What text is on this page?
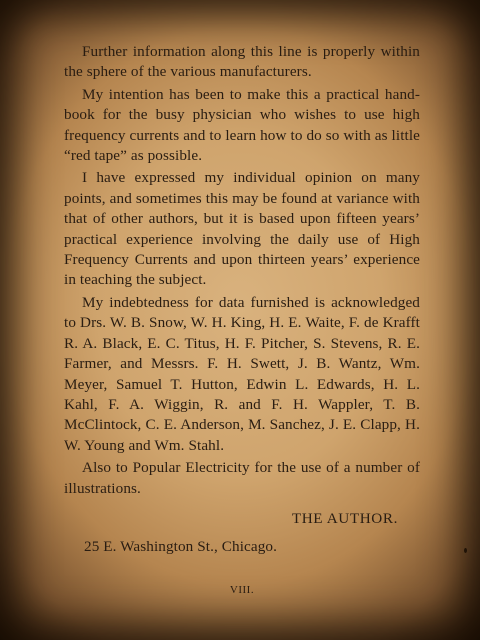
Further information along this line is properly within the sphere of the various manufacturers.

My intention has been to make this a practical hand-book for the busy physician who wishes to use high frequency currents and to learn how to do so with as little “red tape” as possible.

I have expressed my individual opinion on many points, and sometimes this may be found at variance with that of other authors, but it is based upon fifteen years’ practical experience involving the daily use of High Frequency Currents and upon thirteen years’ experience in teaching the subject.

My indebtedness for data furnished is acknowledged to Drs. W. B. Snow, W. H. King, H. E. Waite, F. de Krafft R. A. Black, E. C. Titus, H. F. Pitcher, S. Stevens, R. E. Farmer, and Messrs. F. H. Swett, J. B. Wantz, Wm. Meyer, Samuel T. Hutton, Edwin L. Edwards, H. L. Kahl, F. A. Wiggin, R. and F. H. Wappler, T. B. McClintock, C. E. Anderson, M. Sanchez, J. E. Clapp, H. W. Young and Wm. Stahl.

Also to Popular Electricity for the use of a number of illustrations.

THE AUTHOR.

25 E. Washington St., Chicago.

VIII.
